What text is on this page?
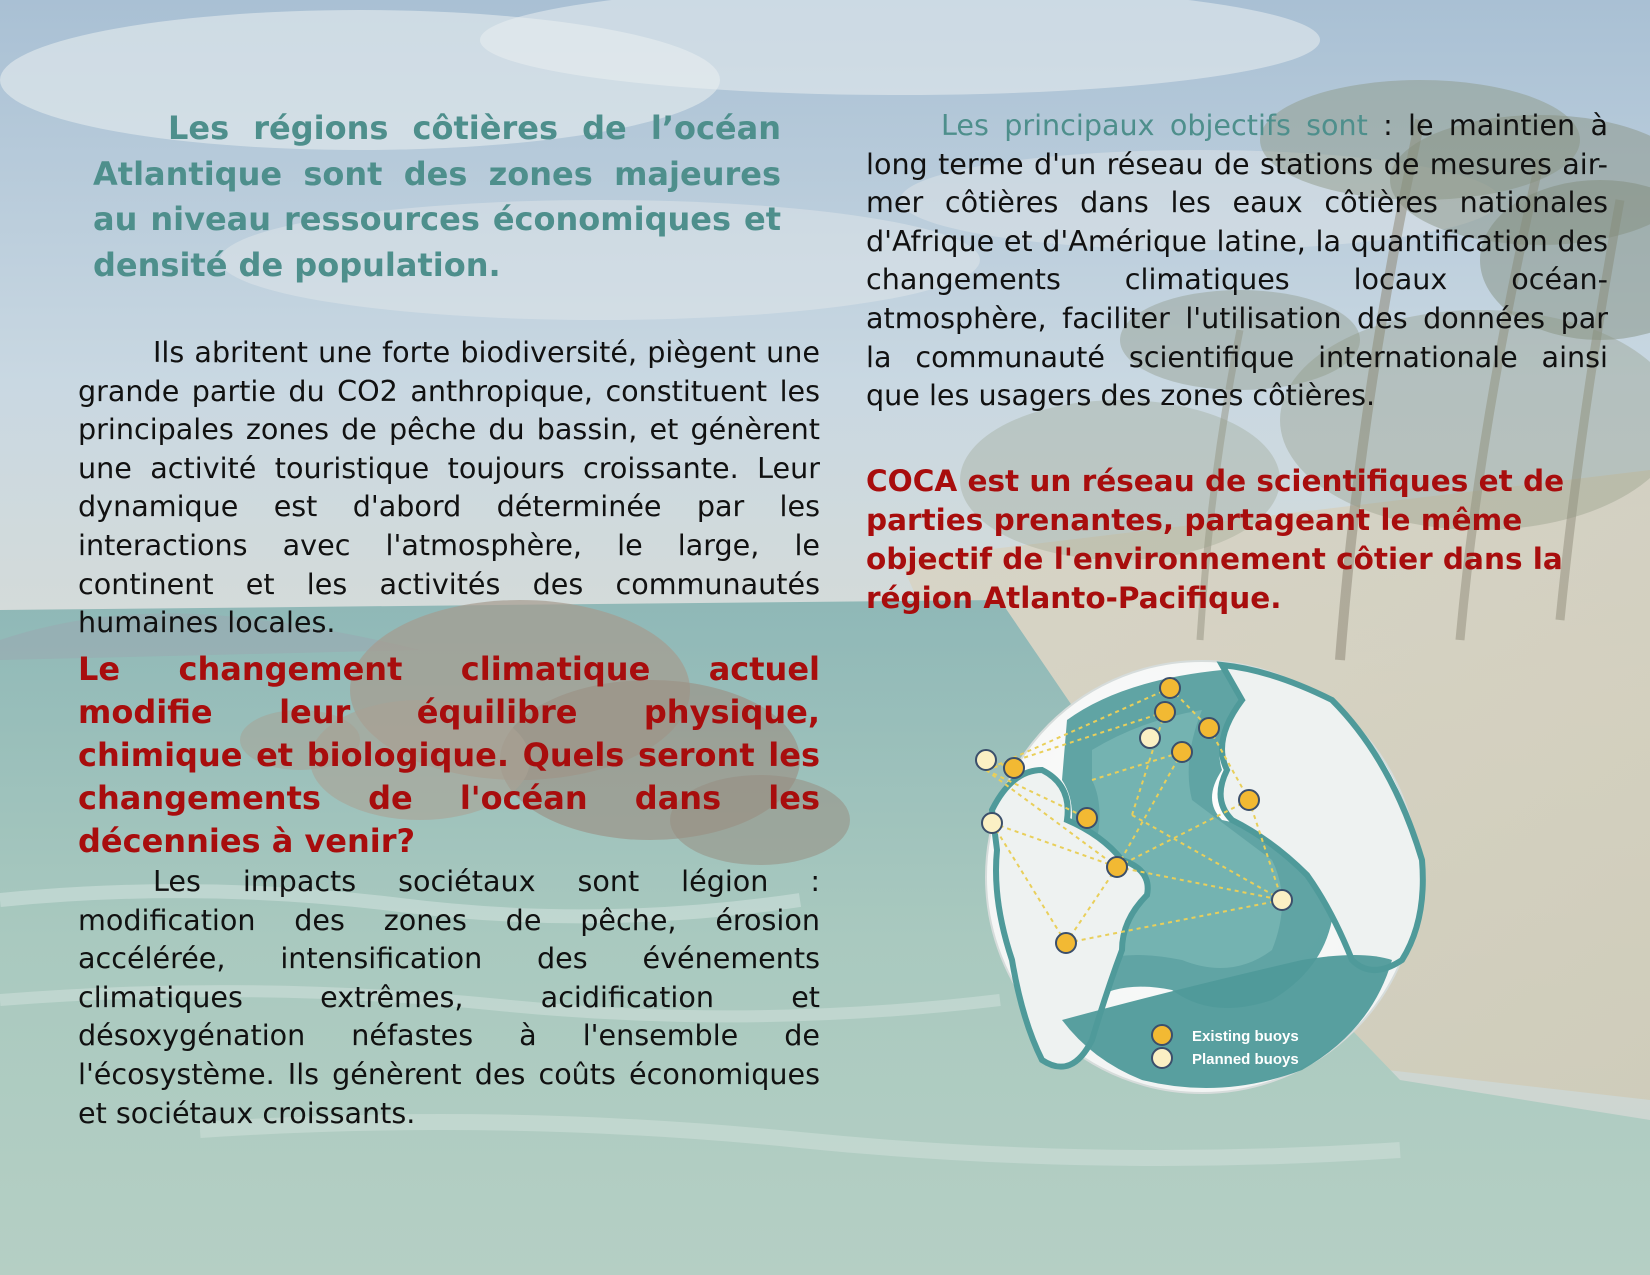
Les régions côtières de l’océan Atlantique sont des zones majeures au niveau ressources économiques et densité de population.

Ils abritent une forte biodiversité, piègent une grande partie du CO2 anthropique, constituent les principales zones de pêche du bassin, et génèrent une activité touristique toujours croissante. Leur dynamique est d'abord déterminée par les interactions avec l'atmosphère, le large, le continent et les activités des communautés humaines locales.

Le changement climatique actuel modifie leur équilibre physique, chimique et biologique. Quels seront les changements de l'océan dans les décennies à venir?

Les impacts sociétaux sont légion : modification des zones de pêche, érosion accélérée, intensification des événements climatiques extrêmes, acidification et désoxygénation néfastes à l'ensemble de l'écosystème. Ils génèrent des coûts économiques et sociétaux croissants.

Les principaux objectifs sont : le maintien à long terme d'un réseau de stations de mesures air-mer côtières dans les eaux côtières nationales d'Afrique et d'Amérique latine, la quantification des changements climatiques locaux océan-atmosphère, faciliter l'utilisation des données par la communauté scientifique internationale ainsi que les usagers des zones côtières.

COCA est un réseau de scientifiques et de parties prenantes, partageant le même objectif de l'environnement côtier dans la région Atlanto-Pacifique.

Existing buoys
Planned buoys
